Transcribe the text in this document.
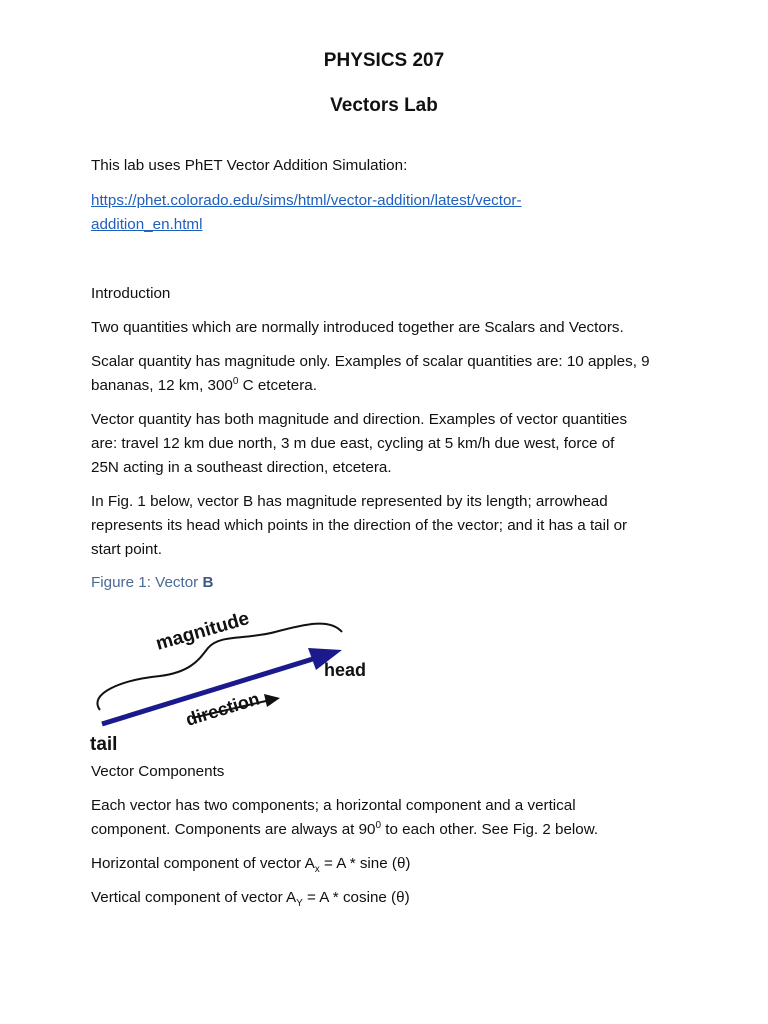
PHYSICS 207
Vectors Lab
This lab uses PhET Vector Addition Simulation:
https://phet.colorado.edu/sims/html/vector-addition/latest/vector-
addition_en.html
Introduction
Two quantities which are normally introduced together are Scalars and Vectors.
Scalar quantity has magnitude only. Examples of scalar quantities are: 10 apples, 9
bananas, 12 km, $300^0$ C etcetera.
Vector quantity has both magnitude and direction. Examples of vector quantities
are: travel 12 km due north, 3 m due east, cycling at 5 km/h due west, force of
25N acting in a southeast direction, etcetera.
In Fig. 1 below, vector B has magnitude represented by its length; arrowhead
represents its head which points in the direction of the vector; and it has a tail or
start point.
Figure 1: Vector B
magnitude
head
direction
tail
Vector Components
Each vector has two components; a horizontal component and a vertical
component. Components are always at $90^0$ to each other. See Fig. 2 below.
Horizontal component of vector $A_x = A * \sin e$ (θ)
Vertical component of vector $A_Y = A * cosine$ (θ)
